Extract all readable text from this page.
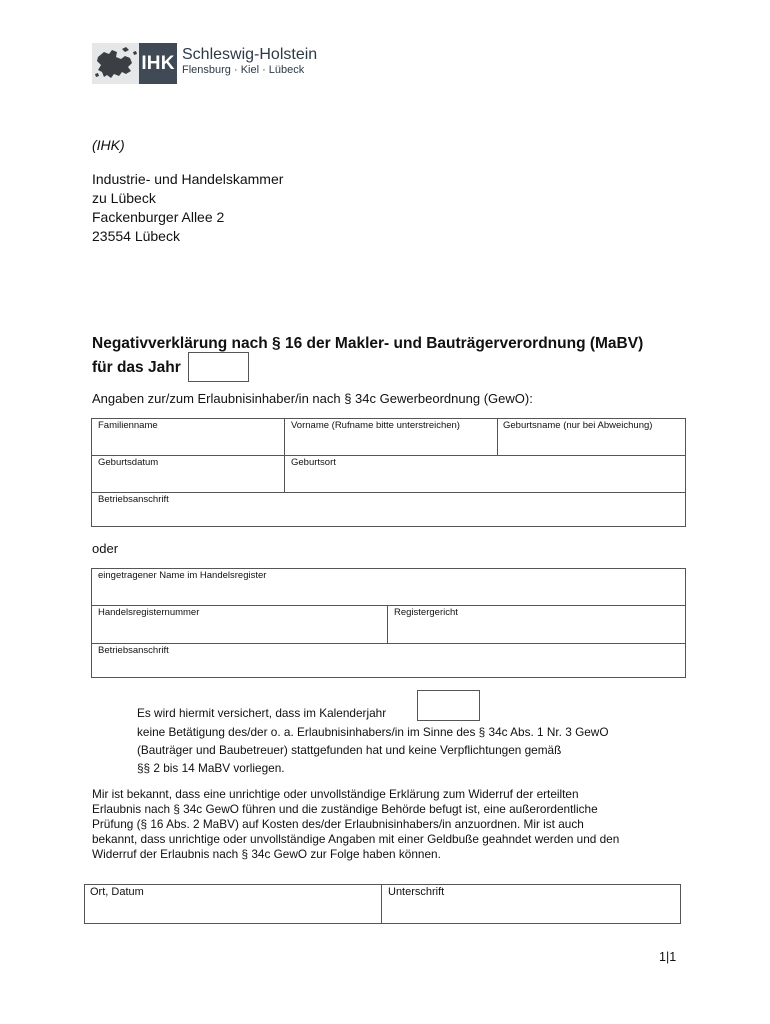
IHK Schleswig-Holstein
Flensburg · Kiel · Lübeck
(IHK)
Industrie- und Handelskammer
zu Lübeck
Fackenburger Allee 2
23554 Lübeck
Negativverklärung nach § 16 der Makler- und Bauträgerverordnung (MaBV)
für das Jahr
Angaben zur/zum Erlaubnisinhaber/in nach § 34c Gewerbeordnung (GewO):
Familienname	Vorname (Rufname bitte unterstreichen)	Geburtsname (nur bei Abweichung)
Geburtsdatum	Geburtsort
Betriebsanschrift
oder
eingetragener Name im Handelsregister
Handelsregisternummer	Registergericht
Betriebsanschrift
Es wird hiermit versichert, dass im Kalenderjahr
keine Betätigung des/der o. a. Erlaubnisinhabers/in im Sinne des § 34c Abs. 1 Nr. 3 GewO
(Bauträger und Baubetreuer) stattgefunden hat und keine Verpflichtungen gemäß
§§ 2 bis 14 MaBV vorliegen.
Mir ist bekannt, dass eine unrichtige oder unvollständige Erklärung zum Widerruf der erteilten
Erlaubnis nach § 34c GewO führen und die zuständige Behörde befugt ist, eine außerordentliche
Prüfung (§ 16 Abs. 2 MaBV) auf Kosten des/der Erlaubnisinhabers/in anzuordnen. Mir ist auch
bekannt, dass unrichtige oder unvollständige Angaben mit einer Geldbuße geahndet werden und den
Widerruf der Erlaubnis nach § 34c GewO zur Folge haben können.
Ort, Datum	Unterschrift
1|1
